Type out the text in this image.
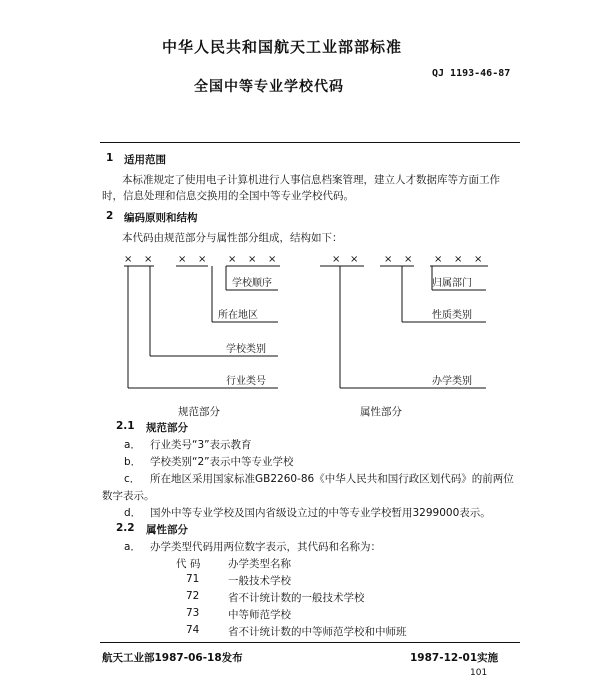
中华人民共和国航天工业部部标准
QJ 1193-46-87
全国中等专业学校代码
1 适用范围
本标准规定了使用电子计算机进行人事信息档案管理，建立人才数据库等方面工作
时，信息处理和信息交换用的全国中等专业学校代码。
2 编码原则和结构
本代码由规范部分与属性部分组成，结构如下：
× ×	× × × × ×
学校顺序
所在地区
学校类别
行业类号
× ×	× × × × ×
归属部门
性质类别
办学类别
规范部分	属性部分
2.1 规范部分
a． 行业类号“3”表示教育
b． 学校类别“2”表示中等专业学校
c． 所在地区采用国家标准GB2260-86《中华人民共和国行政区划代码》的前两位
数字表示。
d． 国外中等专业学校及国内省级设立过的中等专业学校暂用3299000表示。
2.2 属性部分
a． 办学类型代码用两位数字表示，其代码和名称为：
代 码	办学类型名称
71	一般技术学校
72	省不计统计数的一般技术学校
73	中等师范学校
74	省不计统计数的中等师范学校和中师班
航天工业部1987-06-18发布	1987-12-01实施
101
